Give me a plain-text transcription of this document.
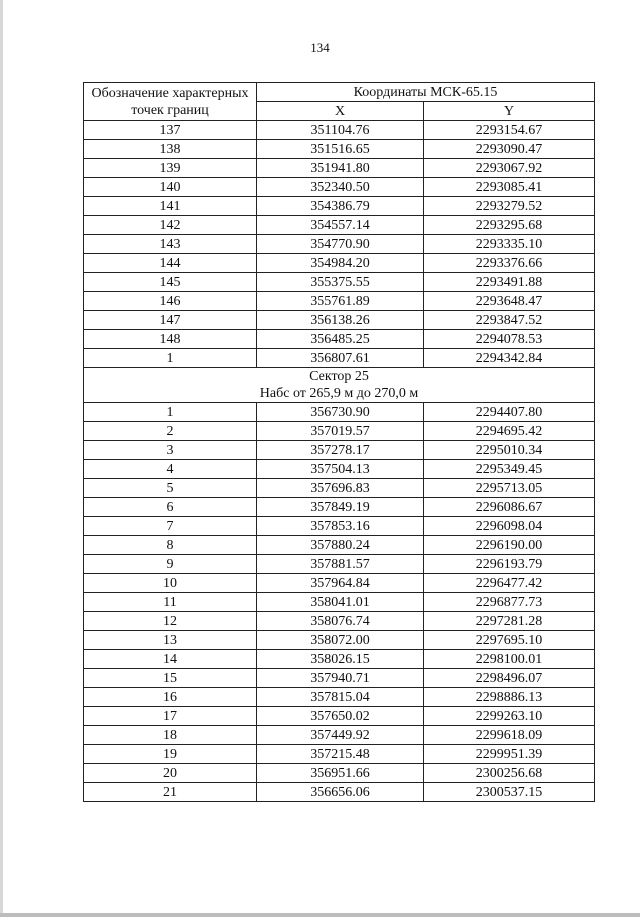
134
Обозначение характерных точек границ	Координаты МСК-65.15	
	X	Y
137	351104.76	2293154.67
138	351516.65	2293090.47
139	351941.80	2293067.92
140	352340.50	2293085.41
141	354386.79	2293279.52
142	354557.14	2293295.68
143	354770.90	2293335.10
144	354984.20	2293376.66
145	355375.55	2293491.88
146	355761.89	2293648.47
147	356138.26	2293847.52
148	356485.25	2294078.53
1	356807.61	2294342.84

Сектор 25
Набс от 265,9 м до 270,0 м		

1	356730.90	2294407.80
2	357019.57	2294695.42
3	357278.17	2295010.34
4	357504.13	2295349.45
5	357696.83	2295713.05
6	357849.19	2296086.67
7	357853.16	2296098.04
8	357880.24	2296190.00
9	357881.57	2296193.79
10	357964.84	2296477.42
11	358041.01	2296877.73
12	358076.74	2297281.28
13	358072.00	2297695.10
14	358026.15	2298100.01
15	357940.71	2298496.07
16	357815.04	2298886.13
17	357650.02	2299263.10
18	357449.92	2299618.09
19	357215.48	2299951.39
20	356951.66	2300256.68
21	356656.06	2300537.15
